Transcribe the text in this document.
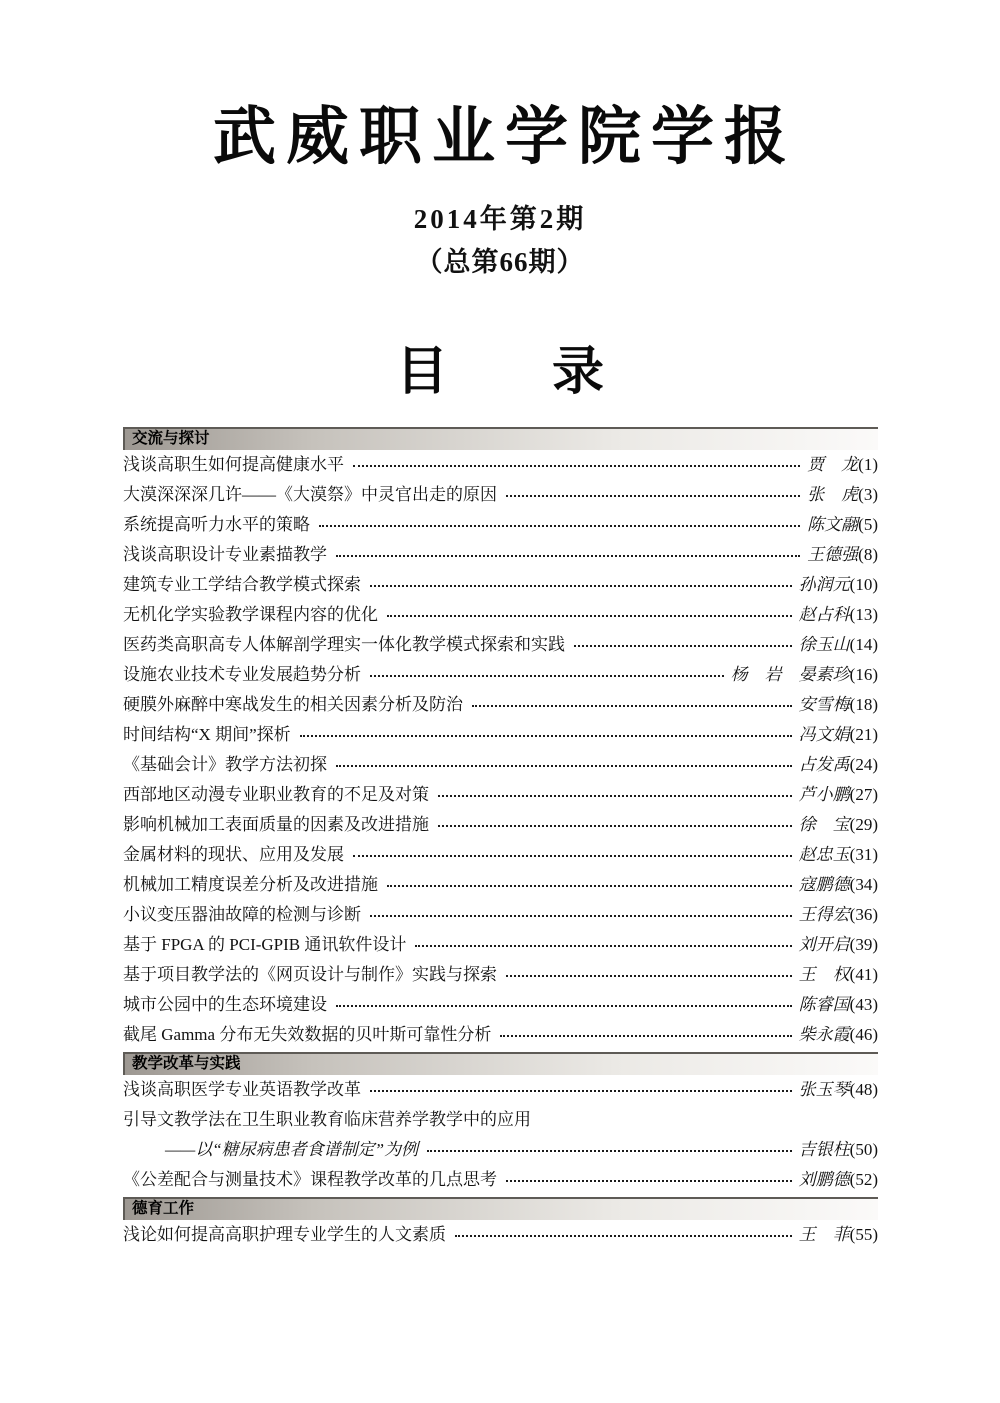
武威职业学院学报
2014年第2期
（总第66期）
目　　录
交流与探讨
浅谈高职生如何提高健康水平	贾　龙 (1)
大漠深深深几许——《大漠祭》中灵官出走的原因	张　虎 (3)
系统提高听力水平的策略	陈文翮 (5)
浅谈高职设计专业素描教学	王德强 (8)
建筑专业工学结合教学模式探索	孙润元 (10)
无机化学实验教学课程内容的优化	赵占科 (13)
医药类高职高专人体解剖学理实一体化教学模式探索和实践	徐玉山 (14)
设施农业技术专业发展趋势分析	杨　岩　晏素珍 (16)
硬膜外麻醉中寒战发生的相关因素分析及防治	安雪梅 (18)
时间结构“X 期间”探析	冯文娟 (21)
《基础会计》教学方法初探	占发禹 (24)
西部地区动漫专业职业教育的不足及对策	芦小鹏 (27)
影响机械加工表面质量的因素及改进措施	徐　宝 (29)
金属材料的现状、应用及发展	赵忠玉 (31)
机械加工精度误差分析及改进措施	寇鹏德 (34)
小议变压器油故障的检测与诊断	王得宏 (36)
基于 FPGA 的 PCI-GPIB 通讯软件设计	刘开启 (39)
基于项目教学法的《网页设计与制作》实践与探索	王　权 (41)
城市公园中的生态环境建设	陈睿国 (43)
截尾 Gamma 分布无失效数据的贝叶斯可靠性分析	柴永霞 (46)
教学改革与实践
浅谈高职医学专业英语教学改革	张玉琴 (48)
引导文教学法在卫生职业教育临床营养学教学中的应用
——以“糖尿病患者食谱制定”为例	吉银柱 (50)
《公差配合与测量技术》课程教学改革的几点思考	刘鹏德 (52)
德育工作
浅论如何提高高职护理专业学生的人文素质	王　菲 (55)
